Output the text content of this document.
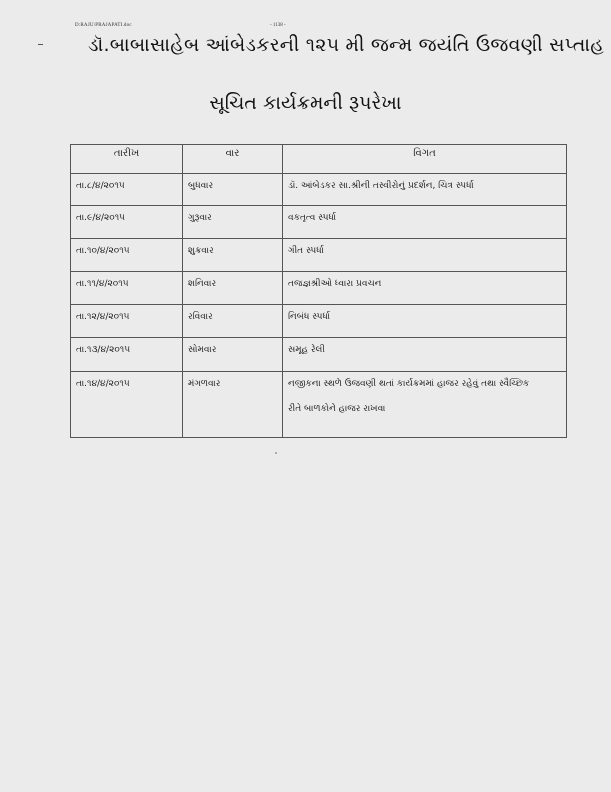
D:RAJU\PRAJAPATI.doc	- 1138 -
ડૉ.બાબાસાહેબ આંબેડકરની ૧૨૫ મી જન્મ જયંતિ ઉજવણી સપ્તાહ
સૂચિત કાર્યક્રમની રૂપરેખા
તારીખ	વાર	વિગત
તા.૮/૪/૨૦૧૫	બુધવાર	ડૉ. આંબેડકર સા.શ્રીની તસ્વીરોનું પ્રદર્શન, ચિત્ર સ્પર્ધા
તા.૯/૪/૨૦૧૫	ગુરૂવાર	વકતૃત્વ સ્પર્ધા
તા.૧૦/૪/૨૦૧૫	શુક્રવાર	ગીત સ્પર્ધા
તા.૧૧/૪/૨૦૧૫	શનિવાર	તજજ્ઞશ્રીઓ ધ્વારા પ્રવચન
તા.૧૨/૪/૨૦૧૫	રવિવાર	નિબંધ સ્પર્ધા
તા.૧૩/૪/૨૦૧૫	સોમવાર	સમૂહ રેલી
તા.૧૪/૪/૨૦૧૫	મંગળવાર	નજીકના સ્થળે ઉજવણી થતાં કાર્યક્રમમાં હાજર રહેવું તથા સ્વૈચ્છિક
રીતે બાળકોને હાજર રાખવા
